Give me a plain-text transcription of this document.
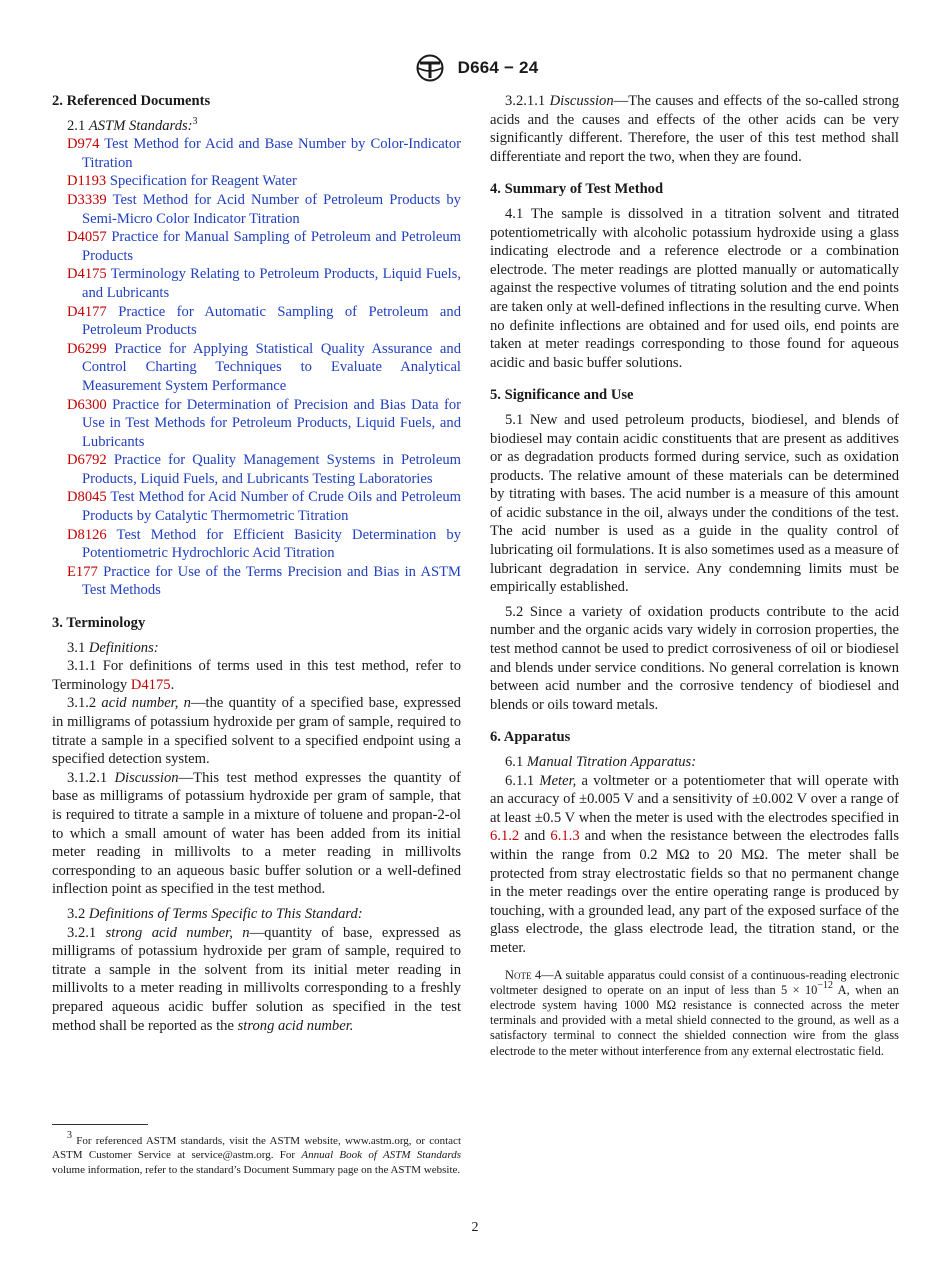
D664 − 24
2. Referenced Documents

2.1 ASTM Standards:$^3$

D974 Test Method for Acid and Base Number by Color-Indicator Titration

D1193 Specification for Reagent Water

D3339 Test Method for Acid Number of Petroleum Products by Semi-Micro Color Indicator Titration

D4057 Practice for Manual Sampling of Petroleum and Petroleum Products

D4175 Terminology Relating to Petroleum Products, Liquid Fuels, and Lubricants

D4177 Practice for Automatic Sampling of Petroleum and Petroleum Products

D6299 Practice for Applying Statistical Quality Assurance and Control Charting Techniques to Evaluate Analytical Measurement System Performance

D6300 Practice for Determination of Precision and Bias Data for Use in Test Methods for Petroleum Products, Liquid Fuels, and Lubricants

D6792 Practice for Quality Management Systems in Petroleum Products, Liquid Fuels, and Lubricants Testing Laboratories

D8045 Test Method for Acid Number of Crude Oils and Petroleum Products by Catalytic Thermometric Titration

D8126 Test Method for Efficient Basicity Determination by Potentiometric Hydrochloric Acid Titration

E177 Practice for Use of the Terms Precision and Bias in ASTM Test Methods

3. Terminology

3.1 Definitions:

3.1.1 For definitions of terms used in this test method, refer to Terminology D4175.

3.1.2 acid number, n—the quantity of a specified base, expressed in milligrams of potassium hydroxide per gram of sample, required to titrate a sample in a specified solvent to a specified endpoint using a specified detection system.

3.1.2.1 Discussion—This test method expresses the quantity of base as milligrams of potassium hydroxide per gram of sample, that is required to titrate a sample in a mixture of toluene and propan-2-ol to which a small amount of water has been added from its initial meter reading in millivolts to a meter reading in millivolts corresponding to an aqueous basic buffer solution or a well-defined inflection point as specified in the test method.

3.2 Definitions of Terms Specific to This Standard:

3.2.1 strong acid number, n—quantity of base, expressed as milligrams of potassium hydroxide per gram of sample, required to titrate a sample in the solvent from its initial meter reading in millivolts to a meter reading in millivolts corresponding to a freshly prepared aqueous acidic buffer solution as specified in the test method shall be reported as the strong acid number.

3.2.1.1 Discussion—The causes and effects of the so-called strong acids and the causes and effects of the other acids can be very significantly different. Therefore, the user of this test method shall differentiate and report the two, when they are found.

4. Summary of Test Method

4.1 The sample is dissolved in a titration solvent and titrated potentiometrically with alcoholic potassium hydroxide using a glass indicating electrode and a reference electrode or a combination electrode. The meter readings are plotted manually or automatically against the respective volumes of titrating solution and the end points are taken only at well-defined inflections in the resulting curve. When no definite inflections are obtained and for used oils, end points are taken at meter readings corresponding to those found for aqueous acidic and basic buffer solutions.

5. Significance and Use

5.1 New and used petroleum products, biodiesel, and blends of biodiesel may contain acidic constituents that are present as additives or as degradation products formed during service, such as oxidation products. The relative amount of these materials can be determined by titrating with bases. The acid number is a measure of this amount of acidic substance in the oil, always under the conditions of the test. The acid number is used as a guide in the quality control of lubricating oil formulations. It is also sometimes used as a measure of lubricant degradation in service. Any condemning limits must be empirically established.

5.2 Since a variety of oxidation products contribute to the acid number and the organic acids vary widely in corrosion properties, the test method cannot be used to predict corrosiveness of oil or biodiesel and blends under service conditions. No general correlation is known between acid number and the corrosive tendency of biodiesel and blends or oils toward metals.

6. Apparatus

6.1 Manual Titration Apparatus:

6.1.1 Meter, a voltmeter or a potentiometer that will operate with an accuracy of ±0.005 V and a sensitivity of ±0.002 V over a range of at least ±0.5 V when the meter is used with the electrodes specified in 6.1.2 and 6.1.3 and when the resistance between the electrodes falls within the range from 0.2 MΩ to 20 MΩ. The meter shall be protected from stray electrostatic fields so that no permanent change in the meter readings over the entire operating range is produced by touching, with a grounded lead, any part of the exposed surface of the glass electrode, the glass electrode lead, the titration stand, or the meter.

Note 4—A suitable apparatus could consist of a continuous-reading electronic voltmeter designed to operate on an input of less than $5 \times 10^{-12}$ A, when an electrode system having 1000 MΩ resistance is connected across the meter terminals and provided with a metal shield connected to the ground, as well as a satisfactory terminal to connect the shielded connection wire from the glass electrode to the meter without interference from any external electrostatic field.

$^3$ For referenced ASTM standards, visit the ASTM website, www.astm.org, or contact ASTM Customer Service at service@astm.org. For Annual Book of ASTM Standards volume information, refer to the standard’s Document Summary page on the ASTM website.
2
